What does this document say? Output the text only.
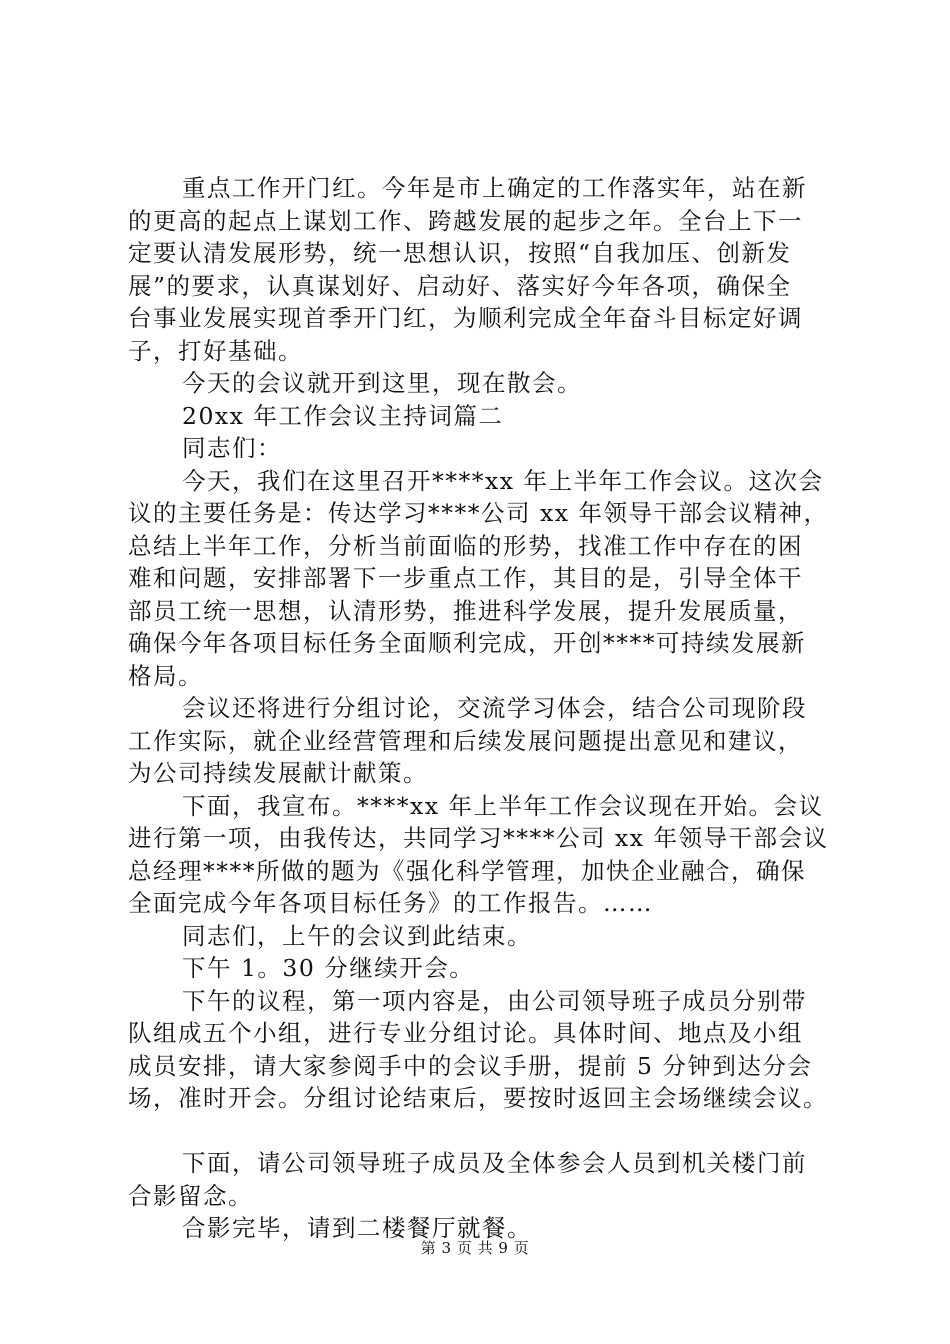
重点工作开门红。今年是市上确定的工作落实年，站在新
的更高的起点上谋划工作、跨越发展的起步之年。全台上下一
定要认清发展形势，统一思想认识，按照“自我加压、创新发
展”的要求，认真谋划好、启动好、落实好今年各项，确保全
台事业发展实现首季开门红，为顺利完成全年奋斗目标定好调
子，打好基础。
今天的会议就开到这里，现在散会。
20xx 年工作会议主持词篇二
同志们：
今天，我们在这里召开****xx 年上半年工作会议。这次会
议的主要任务是：传达学习****公司 xx 年领导干部会议精神，
总结上半年工作，分析当前面临的形势，找准工作中存在的困
难和问题，安排部署下一步重点工作，其目的是，引导全体干
部员工统一思想，认清形势，推进科学发展，提升发展质量，
确保今年各项目标任务全面顺利完成，开创****可持续发展新
格局。
会议还将进行分组讨论，交流学习体会，结合公司现阶段
工作实际，就企业经营管理和后续发展问题提出意见和建议，
为公司持续发展献计献策。
下面，我宣布。****xx 年上半年工作会议现在开始。会议
进行第一项，由我传达，共同学习****公司 xx 年领导干部会议
总经理****所做的题为《强化科学管理，加快企业融合，确保
全面完成今年各项目标任务》的工作报告。……
同志们，上午的会议到此结束。
下午 1。30 分继续开会。
下午的议程，第一项内容是，由公司领导班子成员分别带
队组成五个小组，进行专业分组讨论。具体时间、地点及小组
成员安排，请大家参阅手中的会议手册，提前 5 分钟到达分会
场，准时开会。分组讨论结束后，要按时返回主会场继续会议。
下面，请公司领导班子成员及全体参会人员到机关楼门前
合影留念。
合影完毕，请到二楼餐厅就餐。
第 3 页 共 9 页
